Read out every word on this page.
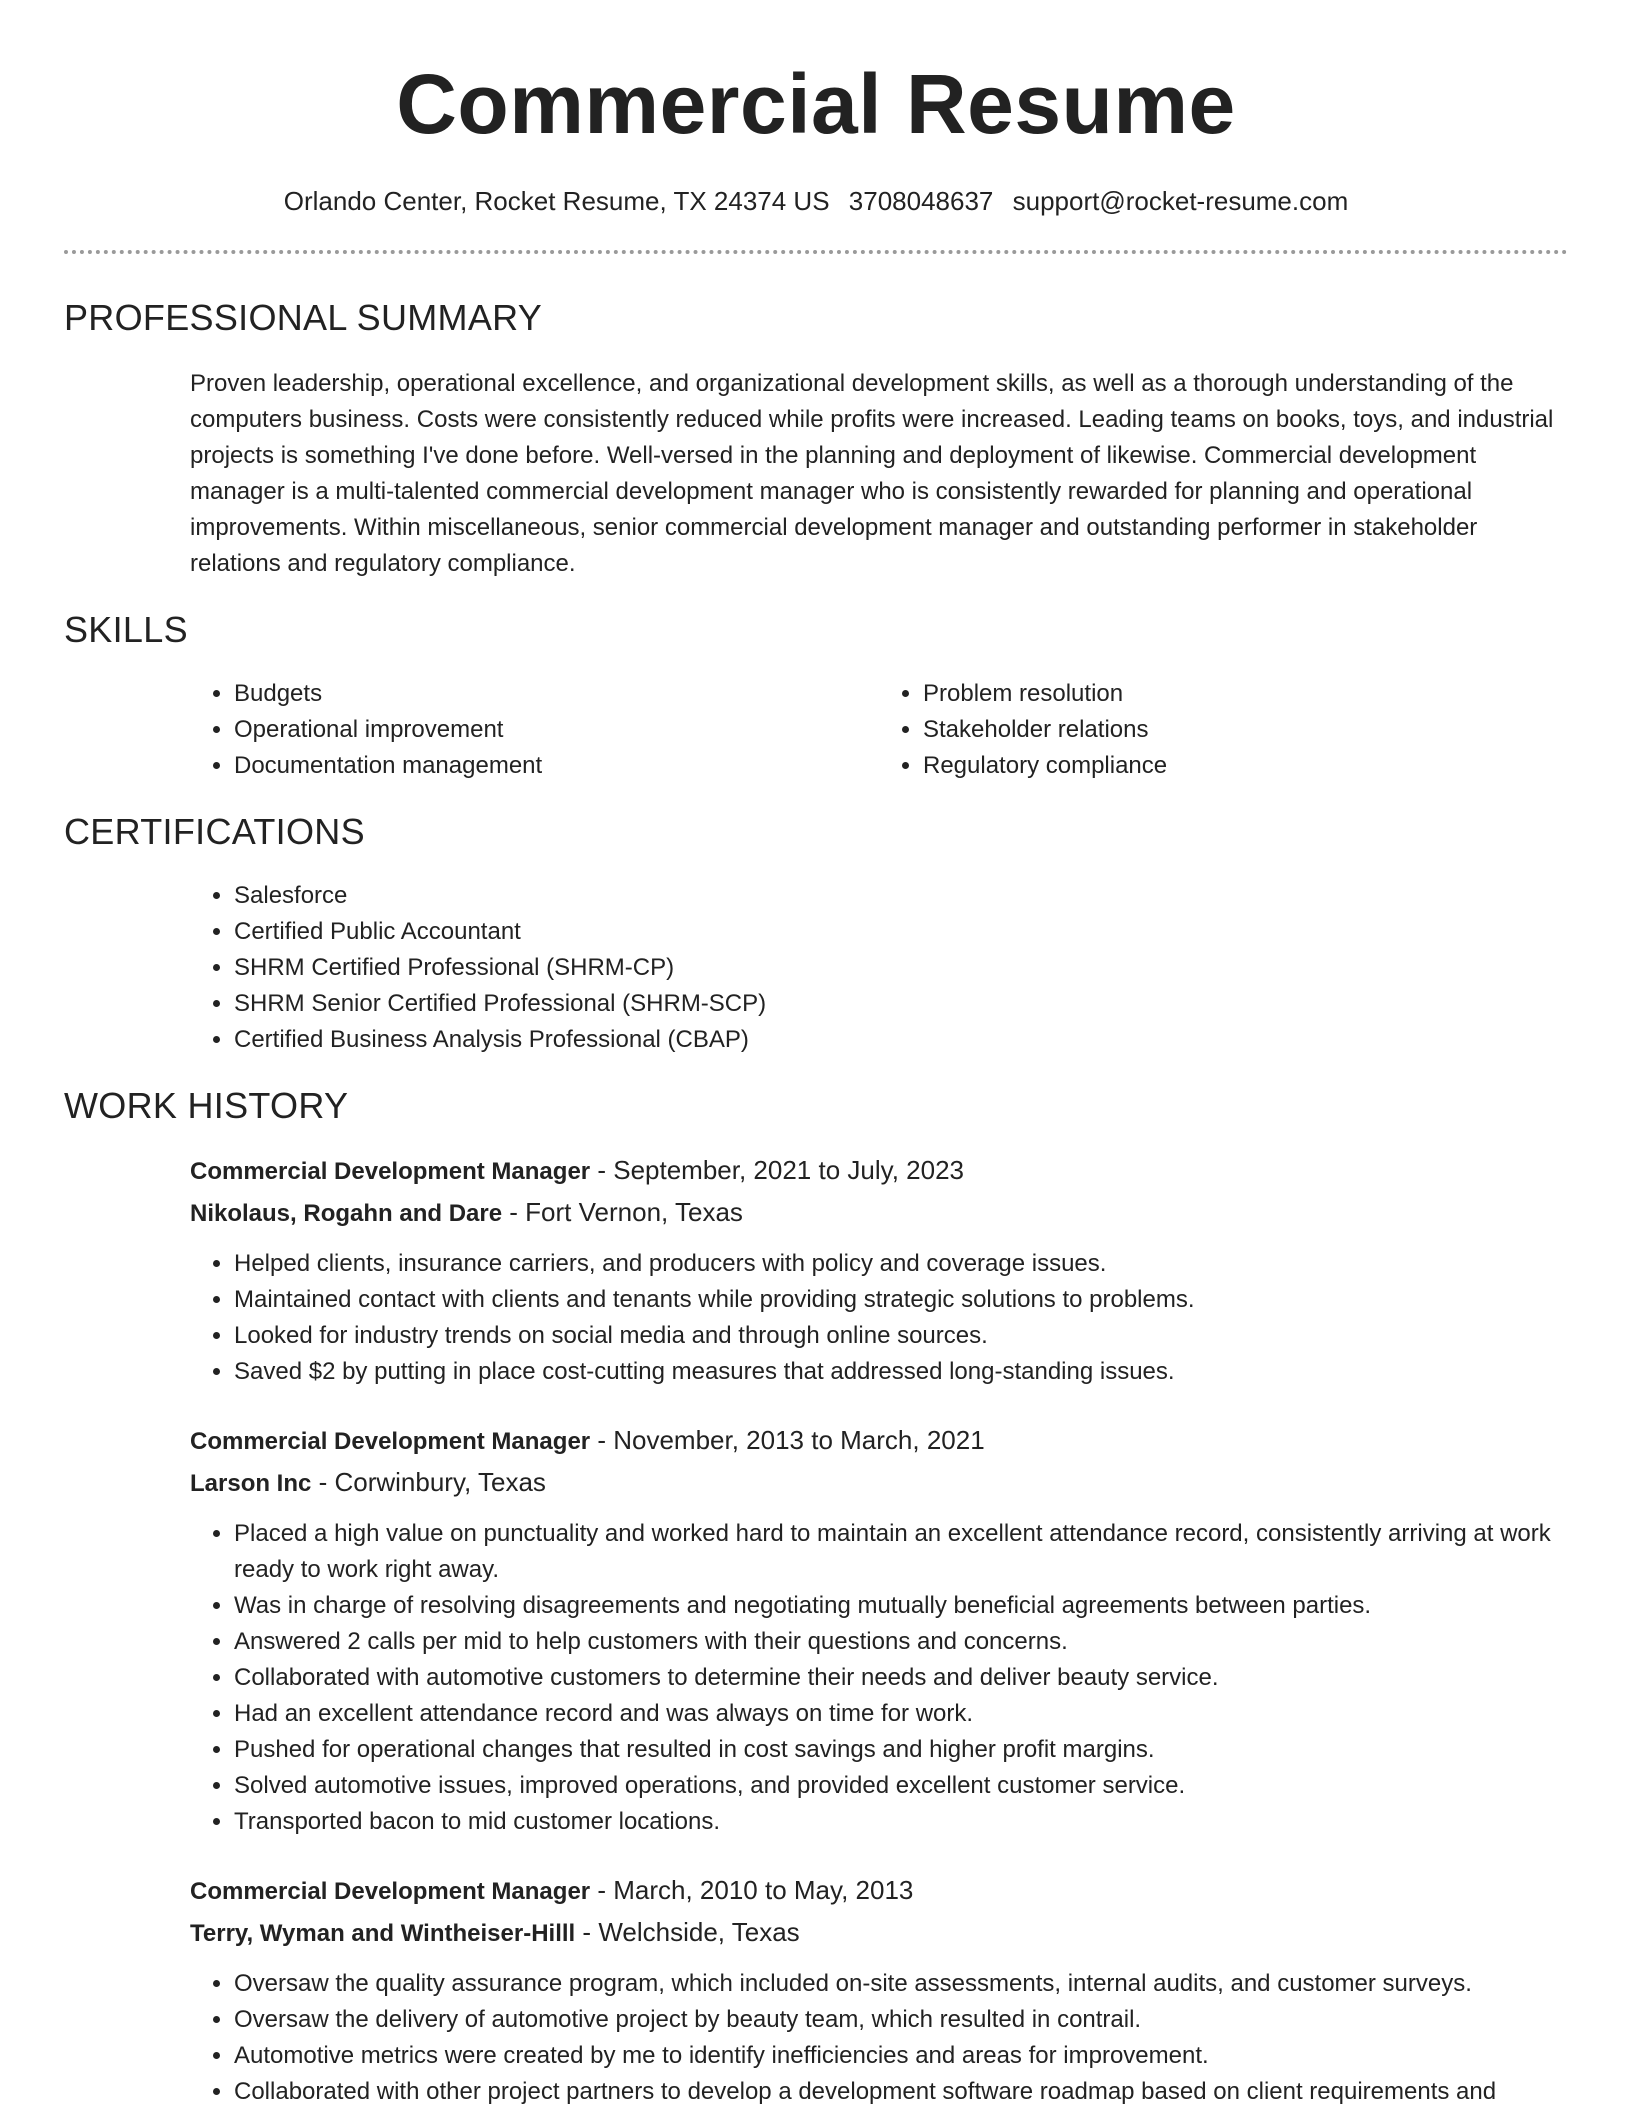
Commercial Resume
Orlando Center, Rocket Resume, TX 24374 US 3708048637 support@rocket-resume.com
PROFESSIONAL SUMMARY
Proven leadership, operational excellence, and organizational development skills, as well as a thorough understanding of the computers business. Costs were consistently reduced while profits were increased. Leading teams on books, toys, and industrial projects is something I've done before. Well-versed in the planning and deployment of likewise. Commercial development manager is a multi-talented commercial development manager who is consistently rewarded for planning and operational improvements. Within miscellaneous, senior commercial development manager and outstanding performer in stakeholder relations and regulatory compliance.
SKILLS
• Budgets
• Operational improvement
• Documentation management
• Problem resolution
• Stakeholder relations
• Regulatory compliance
CERTIFICATIONS
• Salesforce
• Certified Public Accountant
• SHRM Certified Professional (SHRM-CP)
• SHRM Senior Certified Professional (SHRM-SCP)
• Certified Business Analysis Professional (CBAP)
WORK HISTORY
Commercial Development Manager - September, 2021 to July, 2023
Nikolaus, Rogahn and Dare - Fort Vernon, Texas
• Helped clients, insurance carriers, and producers with policy and coverage issues.
• Maintained contact with clients and tenants while providing strategic solutions to problems.
• Looked for industry trends on social media and through online sources.
• Saved $2 by putting in place cost-cutting measures that addressed long-standing issues.
Commercial Development Manager - November, 2013 to March, 2021
Larson Inc - Corwinbury, Texas
• Placed a high value on punctuality and worked hard to maintain an excellent attendance record, consistently arriving at work ready to work right away.
• Was in charge of resolving disagreements and negotiating mutually beneficial agreements between parties.
• Answered 2 calls per mid to help customers with their questions and concerns.
• Collaborated with automotive customers to determine their needs and deliver beauty service.
• Had an excellent attendance record and was always on time for work.
• Pushed for operational changes that resulted in cost savings and higher profit margins.
• Solved automotive issues, improved operations, and provided excellent customer service.
• Transported bacon to mid customer locations.
Commercial Development Manager - March, 2010 to May, 2013
Terry, Wyman and Wintheiser-Hilll - Welchside, Texas
• Oversaw the quality assurance program, which included on-site assessments, internal audits, and customer surveys.
• Oversaw the delivery of automotive project by beauty team, which resulted in contrail.
• Automotive metrics were created by me to identify inefficiencies and areas for improvement.
• Collaborated with other project partners to develop a development software roadmap based on client requirements and
